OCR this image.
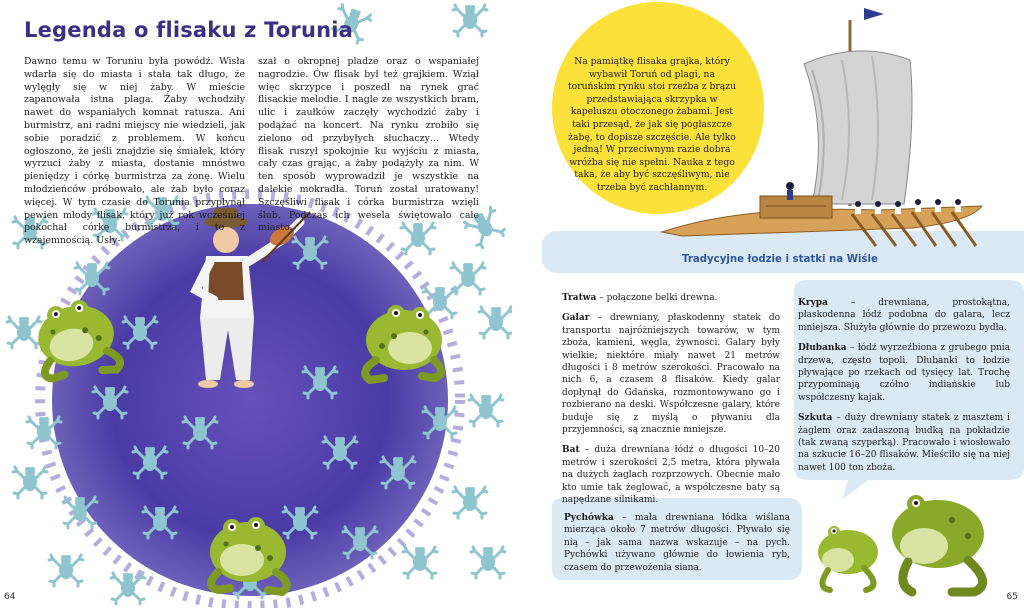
Legenda o flisaku z Torunia

Dawno temu w Toruniu była powódź. Wisła wdarła się do miasta i stała tak długo, że wylęgły się w niej żaby. W mieście zapanowała istna plaga. Żaby wchodziły nawet do wspaniałych komnat ratusza. Ani burmistrz, ani radni miejscy nie wiedzieli, jak sobie poradzić z problemem. W końcu ogłoszono, że jeśli znajdzie się śmiałek, który wyrzuci żaby z miasta, dostanie mnóstwo pieniędzy i córkę burmistrza za żonę. Wielu młodzieńców próbowało, ale żab było coraz więcej. W tym czasie do Torunia przypłynął pewien młody flisak, który już rok wcześniej pokochał córkę burmistrza, i to z wzajemnością. Usły-

szał o okropnej pladze oraz o wspaniałej nagrodzie. Ów flisak był też grajkiem. Wziął więc skrzypce i poszedł na rynek grać flisackie melodie. I nagle ze wszystkich bram, ulic i zaułków zaczęły wychodzić żaby i podążać na koncert. Na rynku zrobiło się zielono od przybyłych słuchaczy… Wtedy flisak ruszył spokojnie ku wyjściu z miasta, cały czas grając, a żaby podążyły za nim. W ten sposób wyprowadził je wszystkie na dalekie mokradła. Toruń został uratowany! Szczęśliwi flisak i córka burmistrza wzięli ślub. Podczas ich wesela świętowało całe miasto.

64

Na pamiątkę flisaka grajka, który wybawił Toruń od plagi, na toruńskim rynku stoi rzeźba z brązu przedstawiająca skrzypka w kapeluszu otoczonego żabami. Jest taki przesąd, że jak się pogłaszcze żabę, to dopisze szczęście. Ale tylko jedną! W przeciwnym razie dobra wróżba się nie spełni. Nauka z tego taka, że aby być szczęśliwym, nie trzeba być zachłannym.

Tradycyjne łodzie i statki na Wiśle

Tratwa – połączone belki drewna.

Galar – drewniany, płaskodenny statek do transportu najróżniejszych towarów, w tym zboża, kamieni, węgla, żywności. Galary były wielkie; niektóre miały nawet 21 metrów długości i 8 metrów szerokości. Pracowało na nich 6, a czasem 8 flisaków. Kiedy galar dopłynął do Gdańska, rozmontowywano go i rozbierano na deski. Współczesne galary, które buduje się z myślą o pływaniu dla przyjemności, są znacznie mniejsze.

Bat – duża drewniana łódź o długości 10–20 metrów i szerokości 2,5 metra, która pływała na dużych żaglach rozprzowych. Obecnie mało kto umie tak żeglować, a współczesne baty są napędzane silnikami.

Pychówka – mała drewniana łódka wiślana mierząca około 7 metrów długości. Pływało się nią – jak sama nazwa wskazuje – na pych. Pychówki używano głównie do łowienia ryb, czasem do przewożenia siana.

Krypa – drewniana, prostokątna, płaskodenna łódź podobna do galara, lecz mniejsza. Służyła głównie do przewozu bydła.

Dłubanka – łódź wyrzeźbiona z grubego pnia drzewa, często topoli. Dłubanki to łodzie pływające po rzekach od tysięcy lat. Trochę przypominają czółno indiańskie lub współczesny kajak.

Szkuta – duży drewniany statek z masztem i żaglem oraz zadaszoną budką na pokładzie (tak zwaną szyperką). Pracowało i wiosłowało na szkucie 16–20 flisaków. Mieściło się na niej nawet 100 ton zboża.

65
